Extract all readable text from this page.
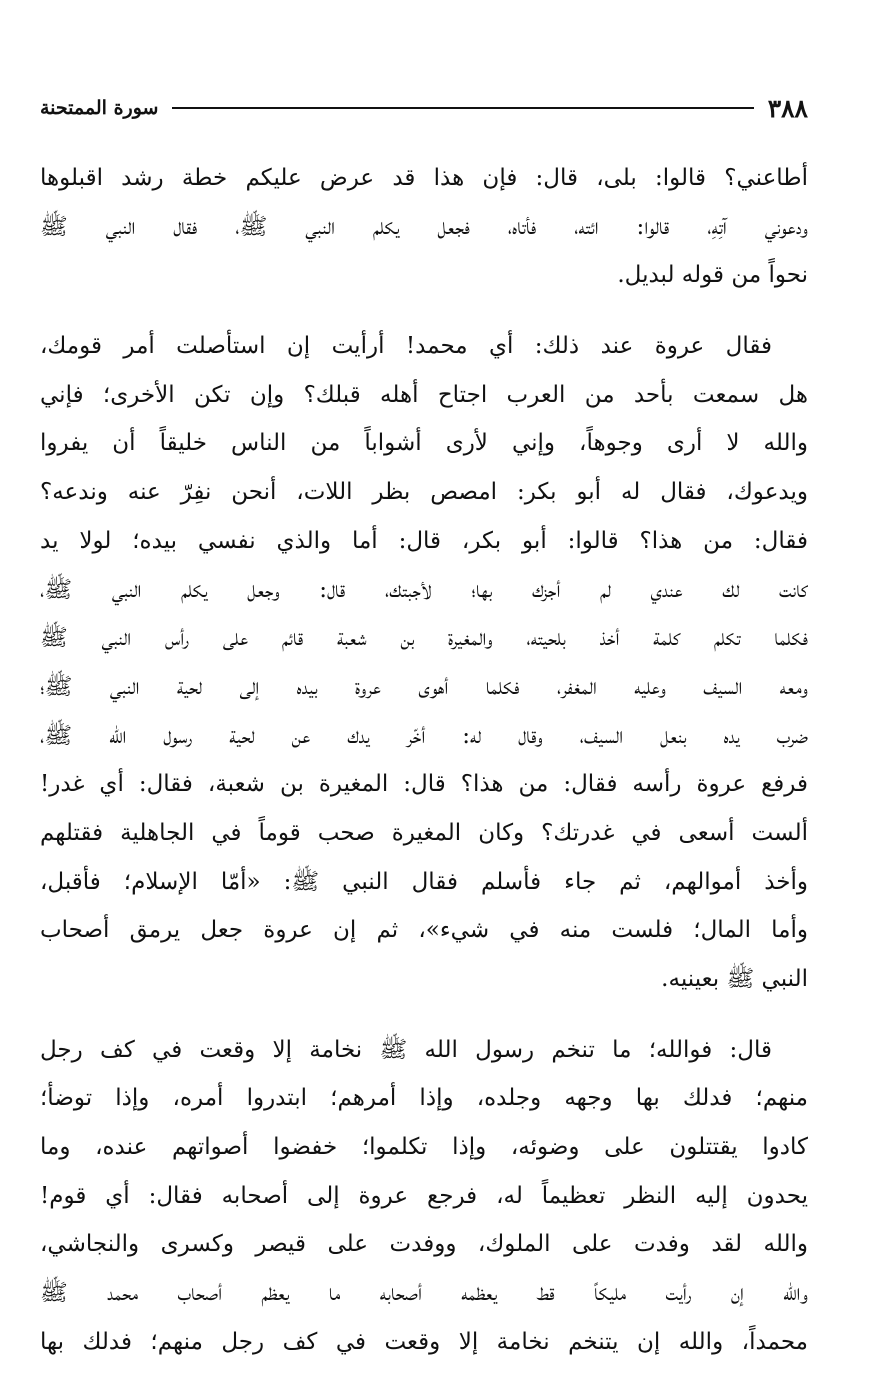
٣٨٨
سورة الممتحنة
أطاعني؟ قالوا: بلى، قال: فإن هذا قد عرض عليكم خطة رشد اقبلوها
ودعوني آتِهِ، قالوا: ائته، فأتاه، فجعل يكلم النبي ﷺ، فقال النبي ﷺ
نحواً من قوله لبديل.
فقال عروة عند ذلك: أي محمد! أرأيت إن استأصلت أمر قومك،
هل سمعت بأحد من العرب اجتاح أهله قبلك؟ وإن تكن الأخرى؛ فإني
والله لا أرى وجوهاً، وإني لأرى أشواباً من الناس خليقاً أن يفروا
ويدعوك، فقال له أبو بكر: امصص بظر اللات، أنحن نفِرّ عنه وندعه؟
فقال: من هذا؟ قالوا: أبو بكر، قال: أما والذي نفسي بيده؛ لولا يد
كانت لك عندي لم أجزك بها؛ لأجبتك، قال: وجعل يكلم النبي ﷺ،
فكلما تكلم كلمة أخذ بلحيته، والمغيرة بن شعبة قائم على رأس النبي ﷺ
ومعه السيف وعليه المغفر، فكلما أهوى عروة بيده إلى لحية النبي ﷺ؛
ضرب يده بنعل السيف، وقال له: أخّر يدك عن لحية رسول الله ﷺ،
فرفع عروة رأسه فقال: من هذا؟ قال: المغيرة بن شعبة، فقال: أي غدر!
ألست أسعى في غدرتك؟ وكان المغيرة صحب قوماً في الجاهلية فقتلهم
وأخذ أموالهم، ثم جاء فأسلم فقال النبي ﷺ: «أمّا الإسلام؛ فأقبل،
وأما المال؛ فلست منه في شيء»، ثم إن عروة جعل يرمق أصحاب
النبي ﷺ بعينيه.
قال: فوالله؛ ما تنخم رسول الله ﷺ نخامة إلا وقعت في كف رجل
منهم؛ فدلك بها وجهه وجلده، وإذا أمرهم؛ ابتدروا أمره، وإذا توضأ؛
كادوا يقتتلون على وضوئه، وإذا تكلموا؛ خفضوا أصواتهم عنده، وما
يحدون إليه النظر تعظيماً له، فرجع عروة إلى أصحابه فقال: أي قوم!
والله لقد وفدت على الملوك، ووفدت على قيصر وكسرى والنجاشي،
والله إن رأيت مليكاً قط يعظمه أصحابه ما يعظم أصحاب محمد ﷺ
محمداً، والله إن يتنخم نخامة إلا وقعت في كف رجل منهم؛ فدلك بها
